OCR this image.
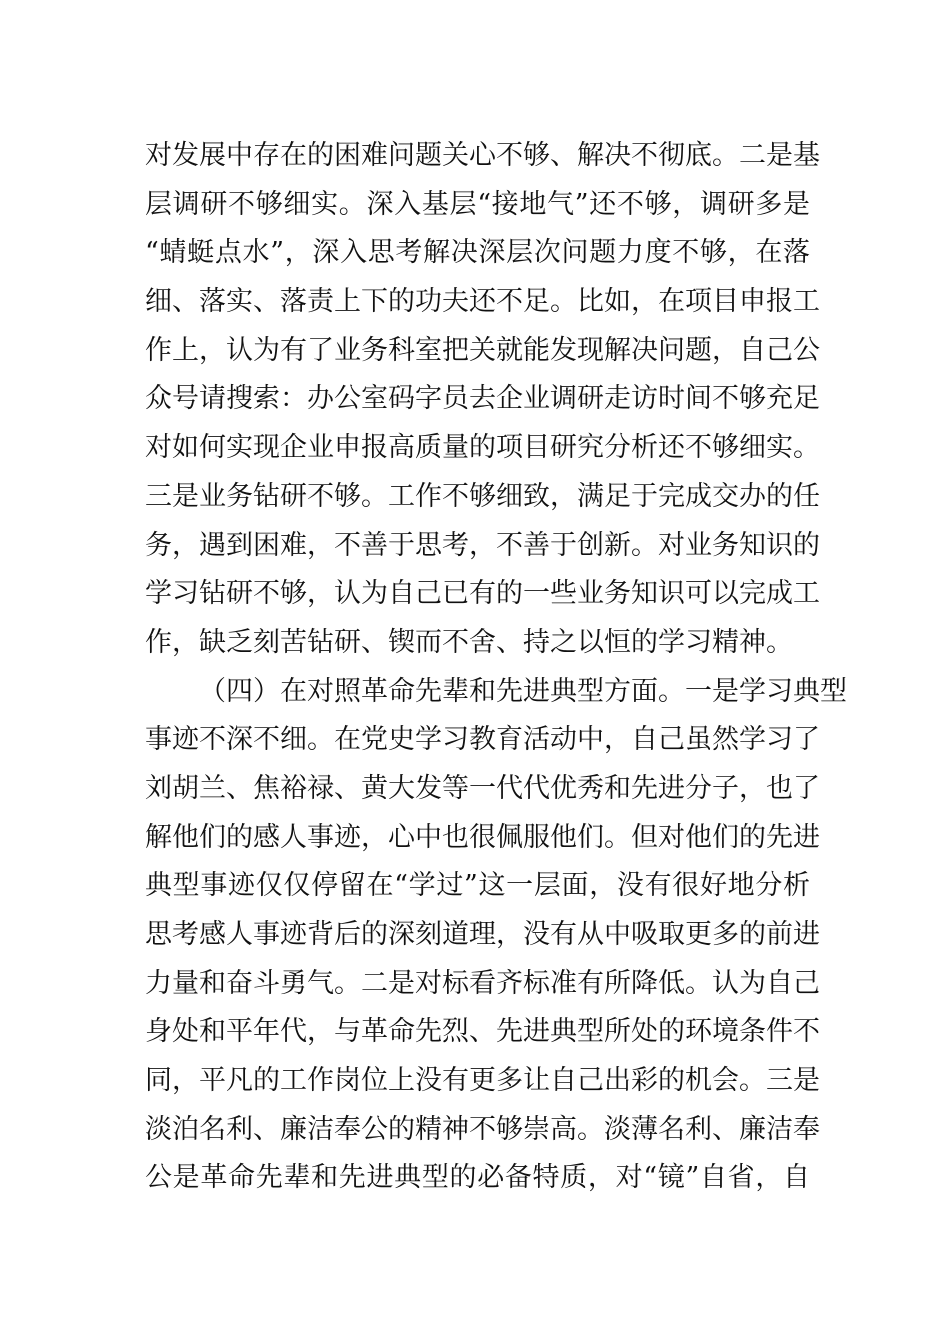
对发展中存在的困难问题关心不够、解决不彻底。二是基
层调研不够细实。深入基层“接地气”还不够，调研多是
“蜻蜓点水”，深入思考解决深层次问题力度不够，在落
细、落实、落责上下的功夫还不足。比如，在项目申报工
作上，认为有了业务科室把关就能发现解决问题，自己公
众号请搜索：办公室码字员去企业调研走访时间不够充足
对如何实现企业申报高质量的项目研究分析还不够细实。
三是业务钻研不够。工作不够细致，满足于完成交办的任
务，遇到困难，不善于思考，不善于创新。对业务知识的
学习钻研不够，认为自己已有的一些业务知识可以完成工
作，缺乏刻苦钻研、锲而不舍、持之以恒的学习精神。
（四）在对照革命先辈和先进典型方面。一是学习典型
事迹不深不细。在党史学习教育活动中，自己虽然学习了
刘胡兰、焦裕禄、黄大发等一代代优秀和先进分子，也了
解他们的感人事迹，心中也很佩服他们。但对他们的先进
典型事迹仅仅停留在“学过”这一层面，没有很好地分析
思考感人事迹背后的深刻道理，没有从中吸取更多的前进
力量和奋斗勇气。二是对标看齐标准有所降低。认为自己
身处和平年代，与革命先烈、先进典型所处的环境条件不
同，平凡的工作岗位上没有更多让自己出彩的机会。三是
淡泊名利、廉洁奉公的精神不够崇高。淡薄名利、廉洁奉
公是革命先辈和先进典型的必备特质，对“镜”自省，自
